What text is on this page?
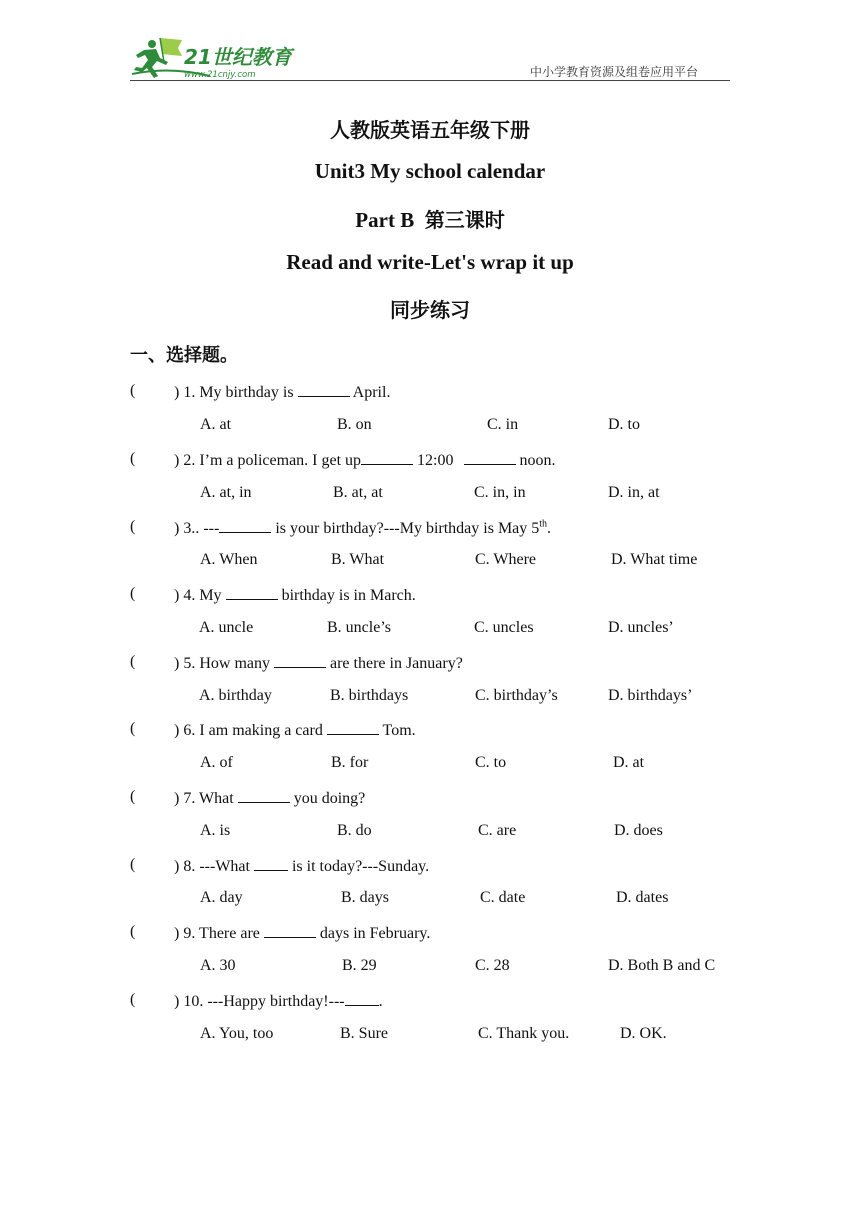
21世纪教育
www.21cnjy.com	中小学教育资源及组卷应用平台
人教版英语五年级下册
Unit3 My school calendar
Part B 第三课时
Read and write-Let's wrap it up
同步练习
一、选择题。
( ) 1. My birthday is	April.
A. at	B. on	C. in	D. to
( ) 2. I’m a policeman. I get up	12:00	noon.
A. at, in	B. at, at	C. in, in	D. in, at
( ) 3.. ---	is your birthday?---My birthday is May 5th.
A. When	B. What	C. Where	D. What time
( ) 4. My	birthday is in March.
A. uncle	B. uncle’s	C. uncles	D. uncles’
( ) 5. How many	are there in January?
A. birthday	B. birthdays	C. birthday’s	D. birthdays’
( ) 6. I am making a card	Tom.
A. of	B. for	C. to	D. at
( ) 7. What	you doing?
A. is	B. do	C. are	D. does
( ) 8. ---What  is it today?---Sunday.
A. day	B. days	C. date	D. dates
( ) 9. There are	days in February.
A. 30	B. 29	C. 28	D. Both B and C
( ) 10. ---Happy birthday!--- .
A. You, too	B. Sure	C. Thank you.	D. OK.
